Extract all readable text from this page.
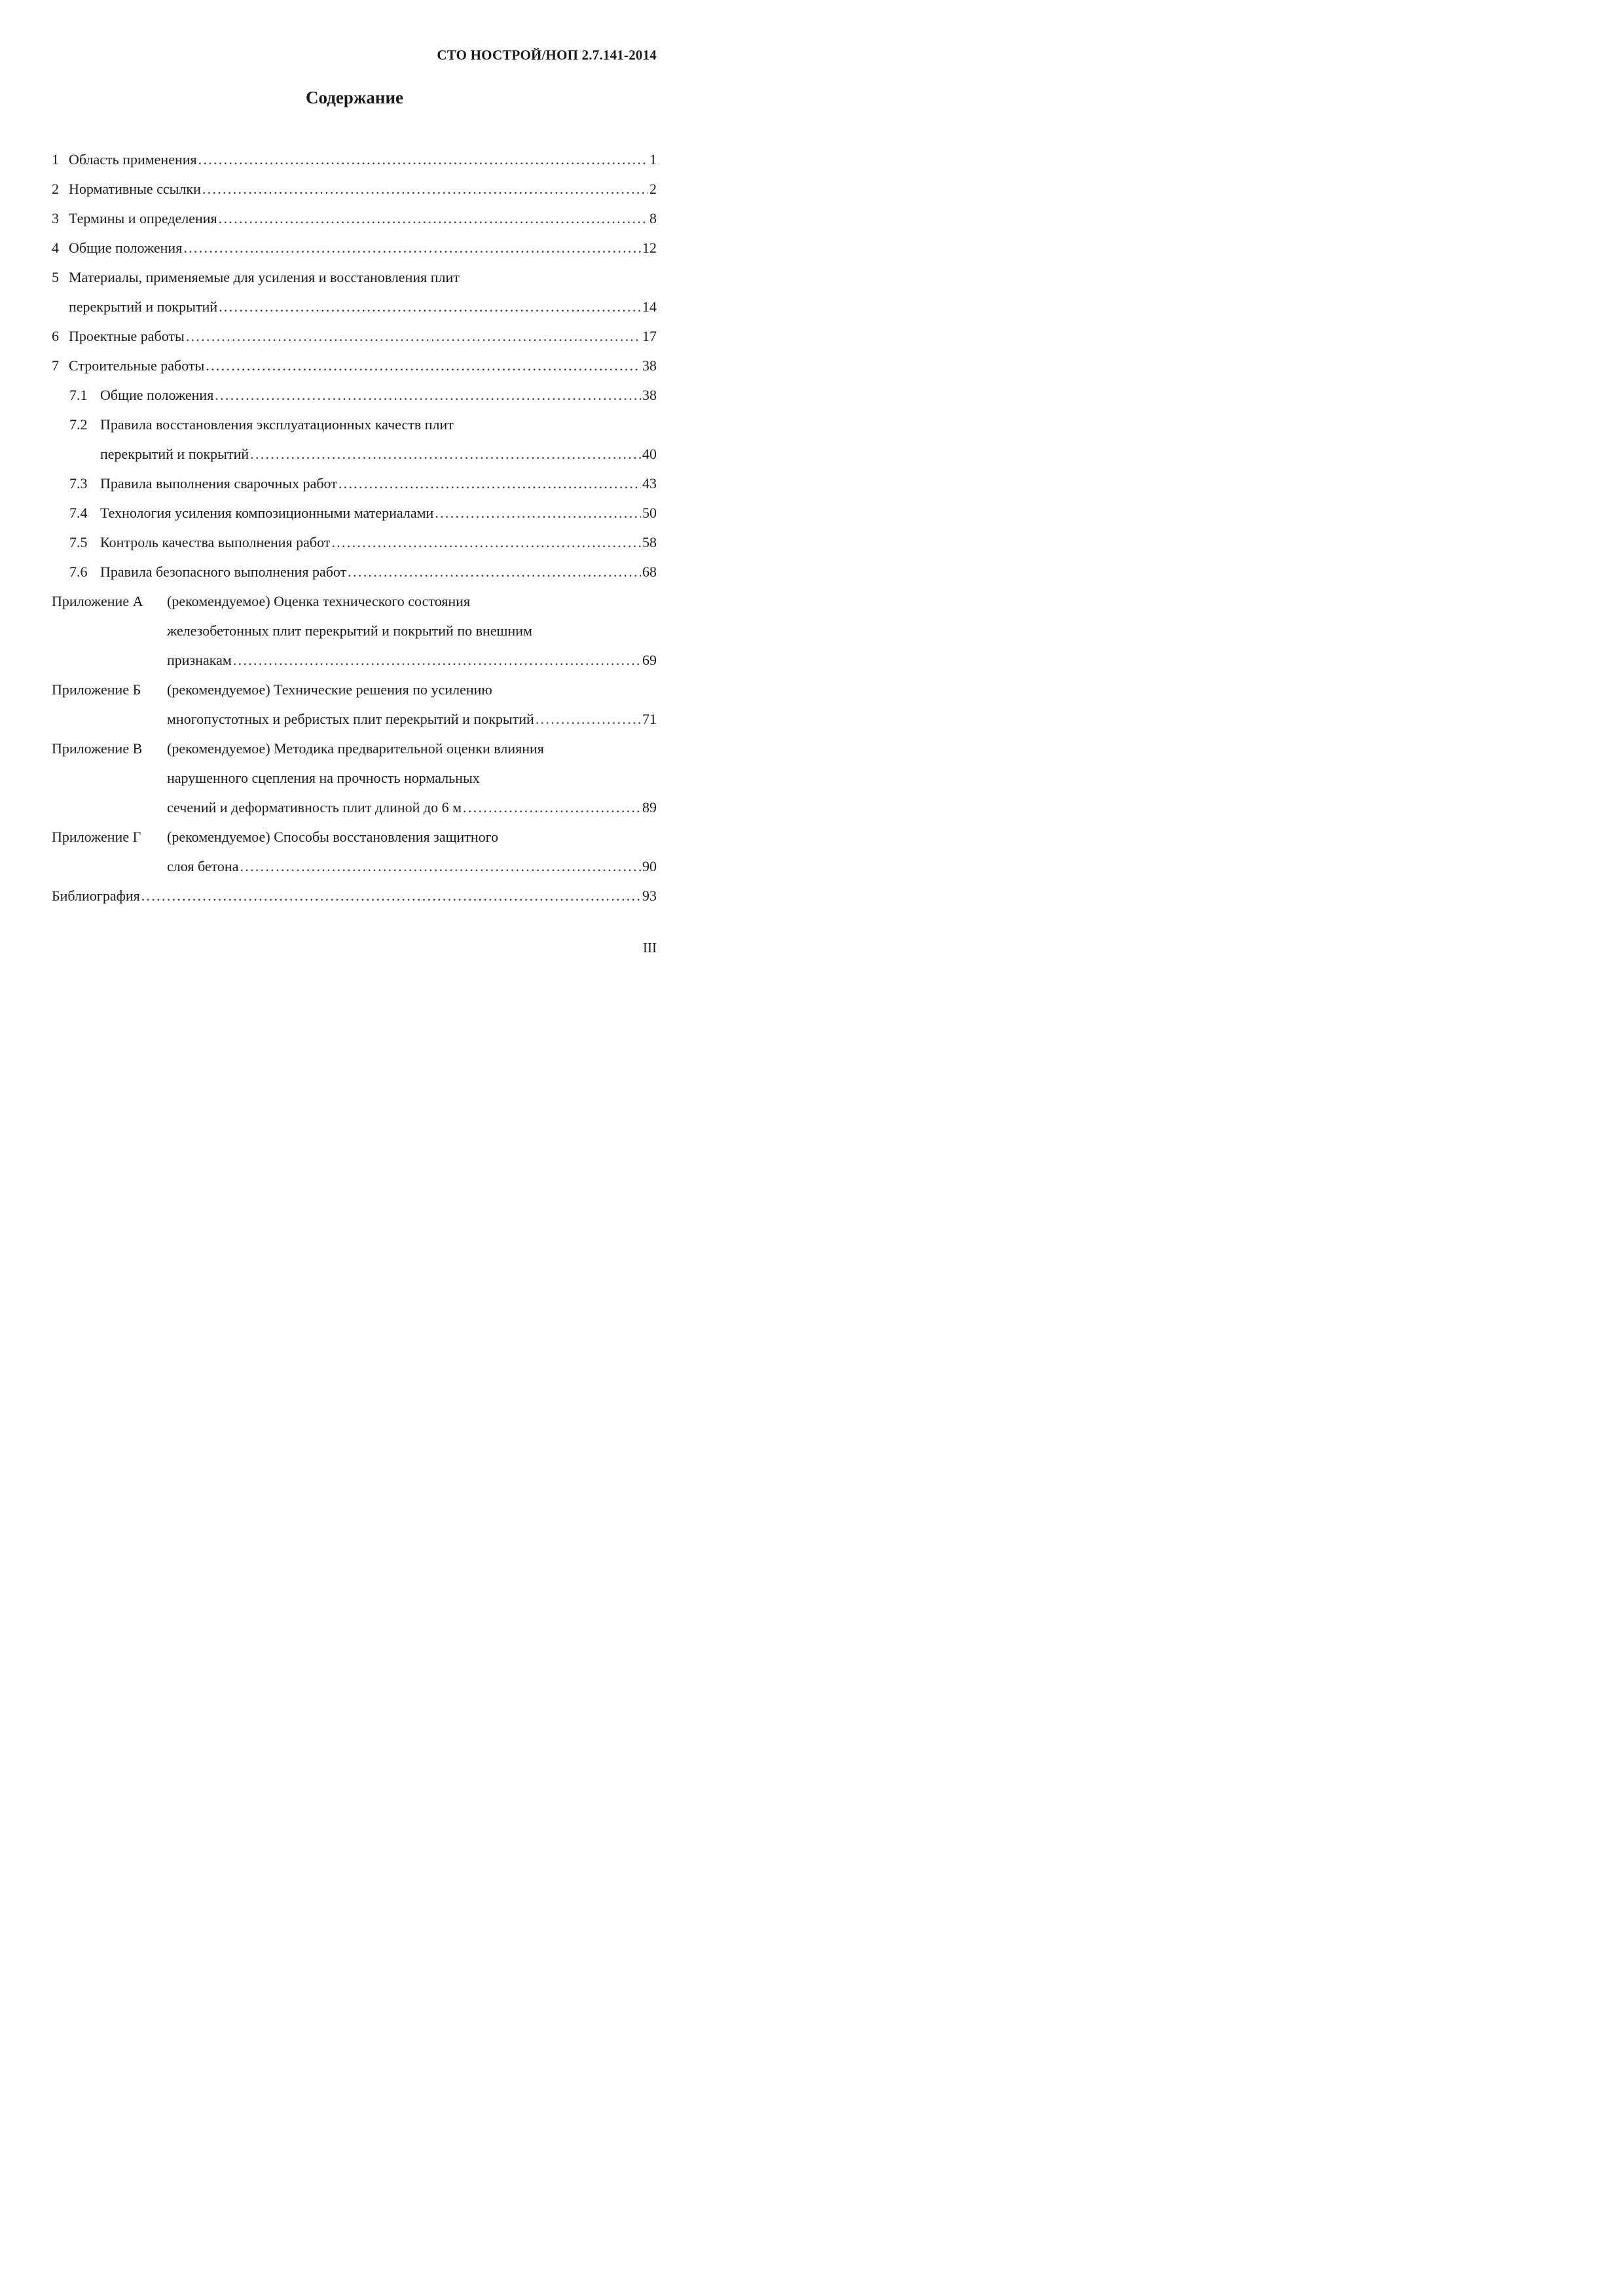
СТО НОСТРОЙ/НОП 2.7.141-2014
Содержание
1 Область применения . . .	1
2 Нормативные ссылки . . .	2
3 Термины и определения . . .	8
4 Общие положения . . .	12
5 Материалы, применяемые для усиления и восстановления плит
перекрытий и покрытий . . .	14
6 Проектные работы . . .	17
7 Строительные работы . . .	38
7.1 Общие положения . . .	38
7.2 Правила восстановления эксплуатационных качеств плит
перекрытий и покрытий . . .	40
7.3 Правила выполнения сварочных работ . . .	43
7.4 Технология усиления композиционными материалами . . .	50
7.5 Контроль качества выполнения работ . . .	58
7.6 Правила безопасного выполнения работ . . .	68
Приложение А (рекомендуемое) Оценка технического состояния
железобетонных плит перекрытий и покрытий по внешним
признакам . . .	69
Приложение Б (рекомендуемое) Технические решения по усилению
многопустотных и ребристых плит перекрытий и покрытий . . .	71
Приложение В (рекомендуемое) Методика предварительной оценки влияния
нарушенного сцепления на прочность нормальных
сечений и деформативность плит длиной до 6 м . . .	89
Приложение Г (рекомендуемое) Способы восстановления защитного
слоя бетона . . .	90
Библиография . . .	93
III
